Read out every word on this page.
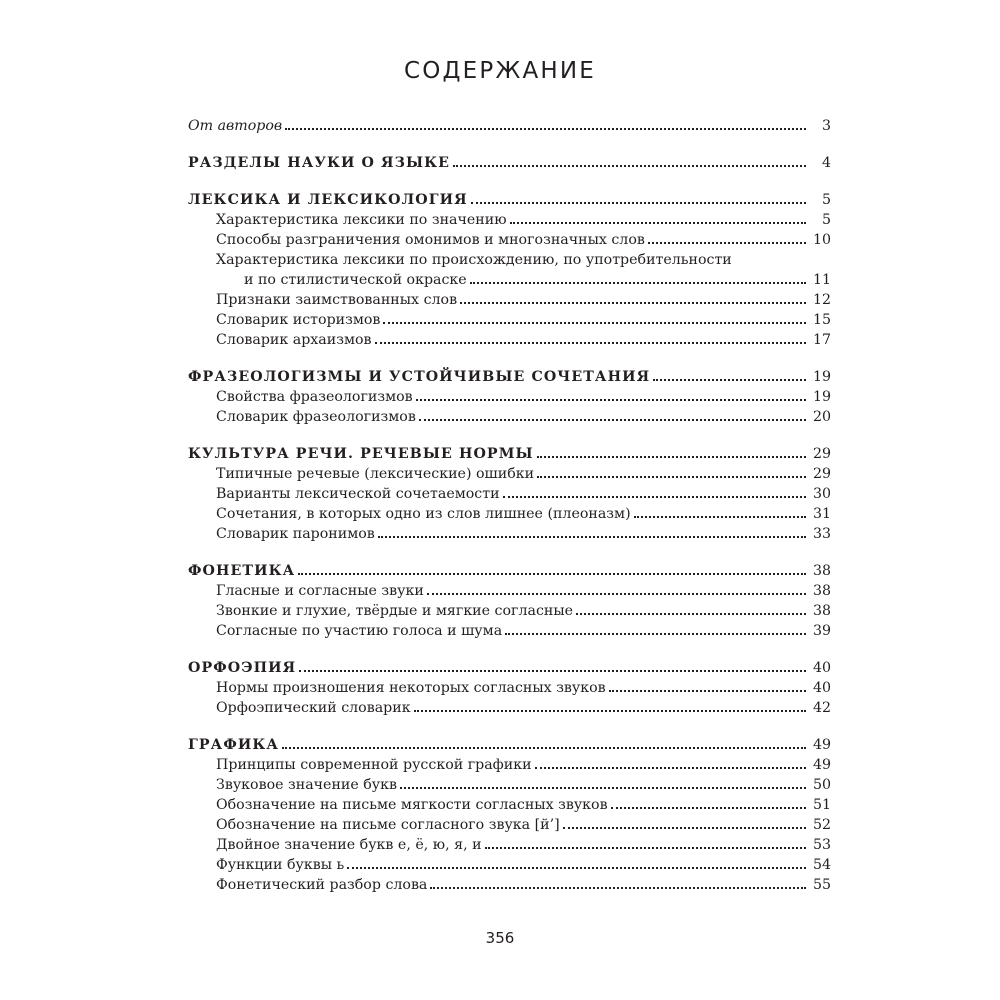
СОДЕРЖАНИЕ
От авторов	3
РАЗДЕЛЫ НАУКИ О ЯЗЫКЕ	4
ЛЕКСИКА И ЛЕКСИКОЛОГИЯ	5
Характеристика лексики по значению	5
Способы разграничения омонимов и многозначных слов	10
Характеристика лексики по происхождению, по употребительности
и по стилистической окраске	11
Признаки заимствованных слов	12
Словарик историзмов	15
Словарик архаизмов	17
ФРАЗЕОЛОГИЗМЫ И УСТОЙЧИВЫЕ СОЧЕТАНИЯ	19
Свойства фразеологизмов	19
Словарик фразеологизмов	20
КУЛЬТУРА РЕЧИ. РЕЧЕВЫЕ НОРМЫ	29
Типичные речевые (лексические) ошибки	29
Варианты лексической сочетаемости	30
Сочетания, в которых одно из слов лишнее (плеоназм)	31
Словарик паронимов	33
ФОНЕТИКА	38
Гласные и согласные звуки	38
Звонкие и глухие, твёрдые и мягкие согласные	38
Согласные по участию голоса и шума	39
ОРФОЭПИЯ	40
Нормы произношения некоторых согласных звуков	40
Орфоэпический словарик	42
ГРАФИКА	49
Принципы современной русской графики	49
Звуковое значение букв	50
Обозначение на письме мягкости согласных звуков	51
Обозначение на письме согласного звука [й’]	52
Двойное значение букв е, ё, ю, я, и	53
Функции буквы ь	54
Фонетический разбор слова	55
356
